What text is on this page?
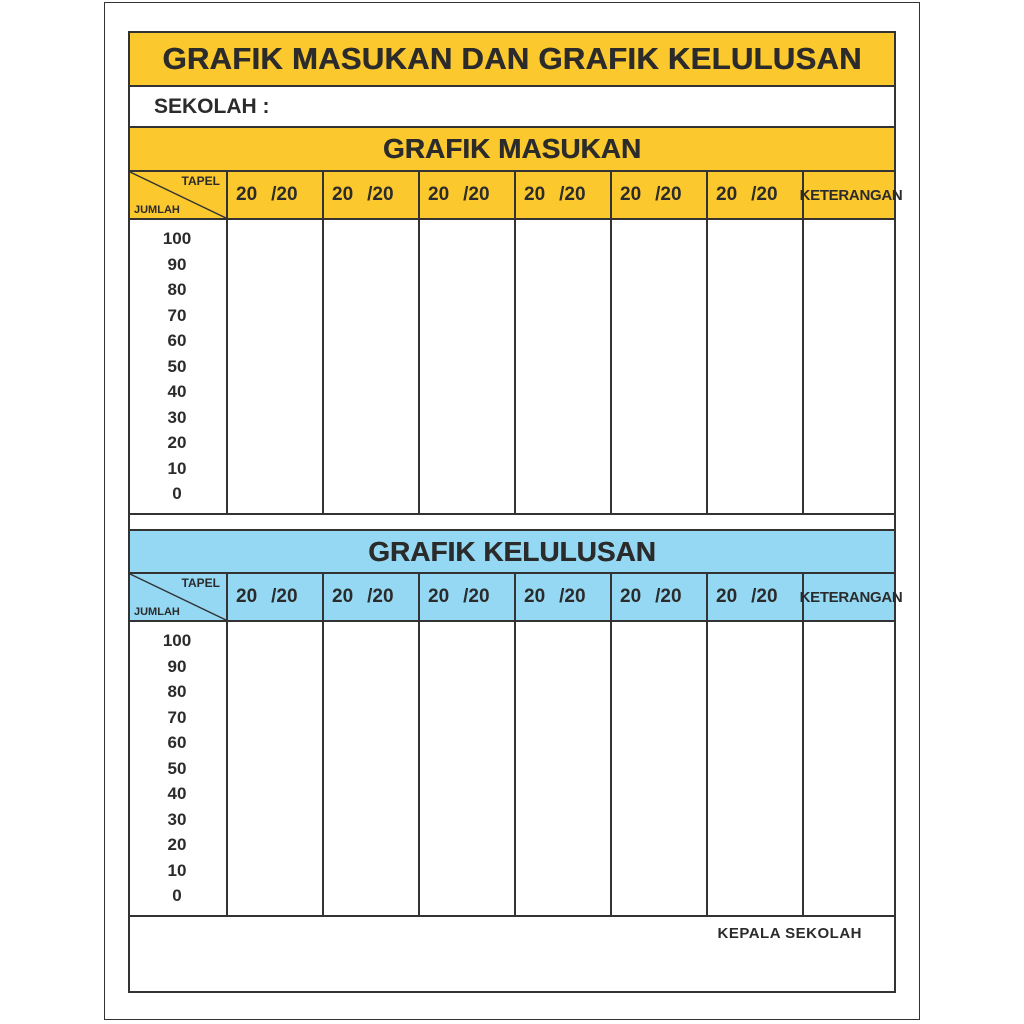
GRAFIK MASUKAN DAN GRAFIK KELULUSAN
SEKOLAH :
GRAFIK MASUKAN
TAPEL
JUMLAH
20 /20 20 /20 20 /20 20 /20 20 /20 20 /20 KETERANGAN
100
90
80
70
60
50
40
30
20
10
0
GRAFIK KELULUSAN
TAPEL
JUMLAH
20 /20 20 /20 20 /20 20 /20 20 /20 20 /20 KETERANGAN
100
90
80
70
60
50
40
30
20
10
0
KEPALA SEKOLAH
